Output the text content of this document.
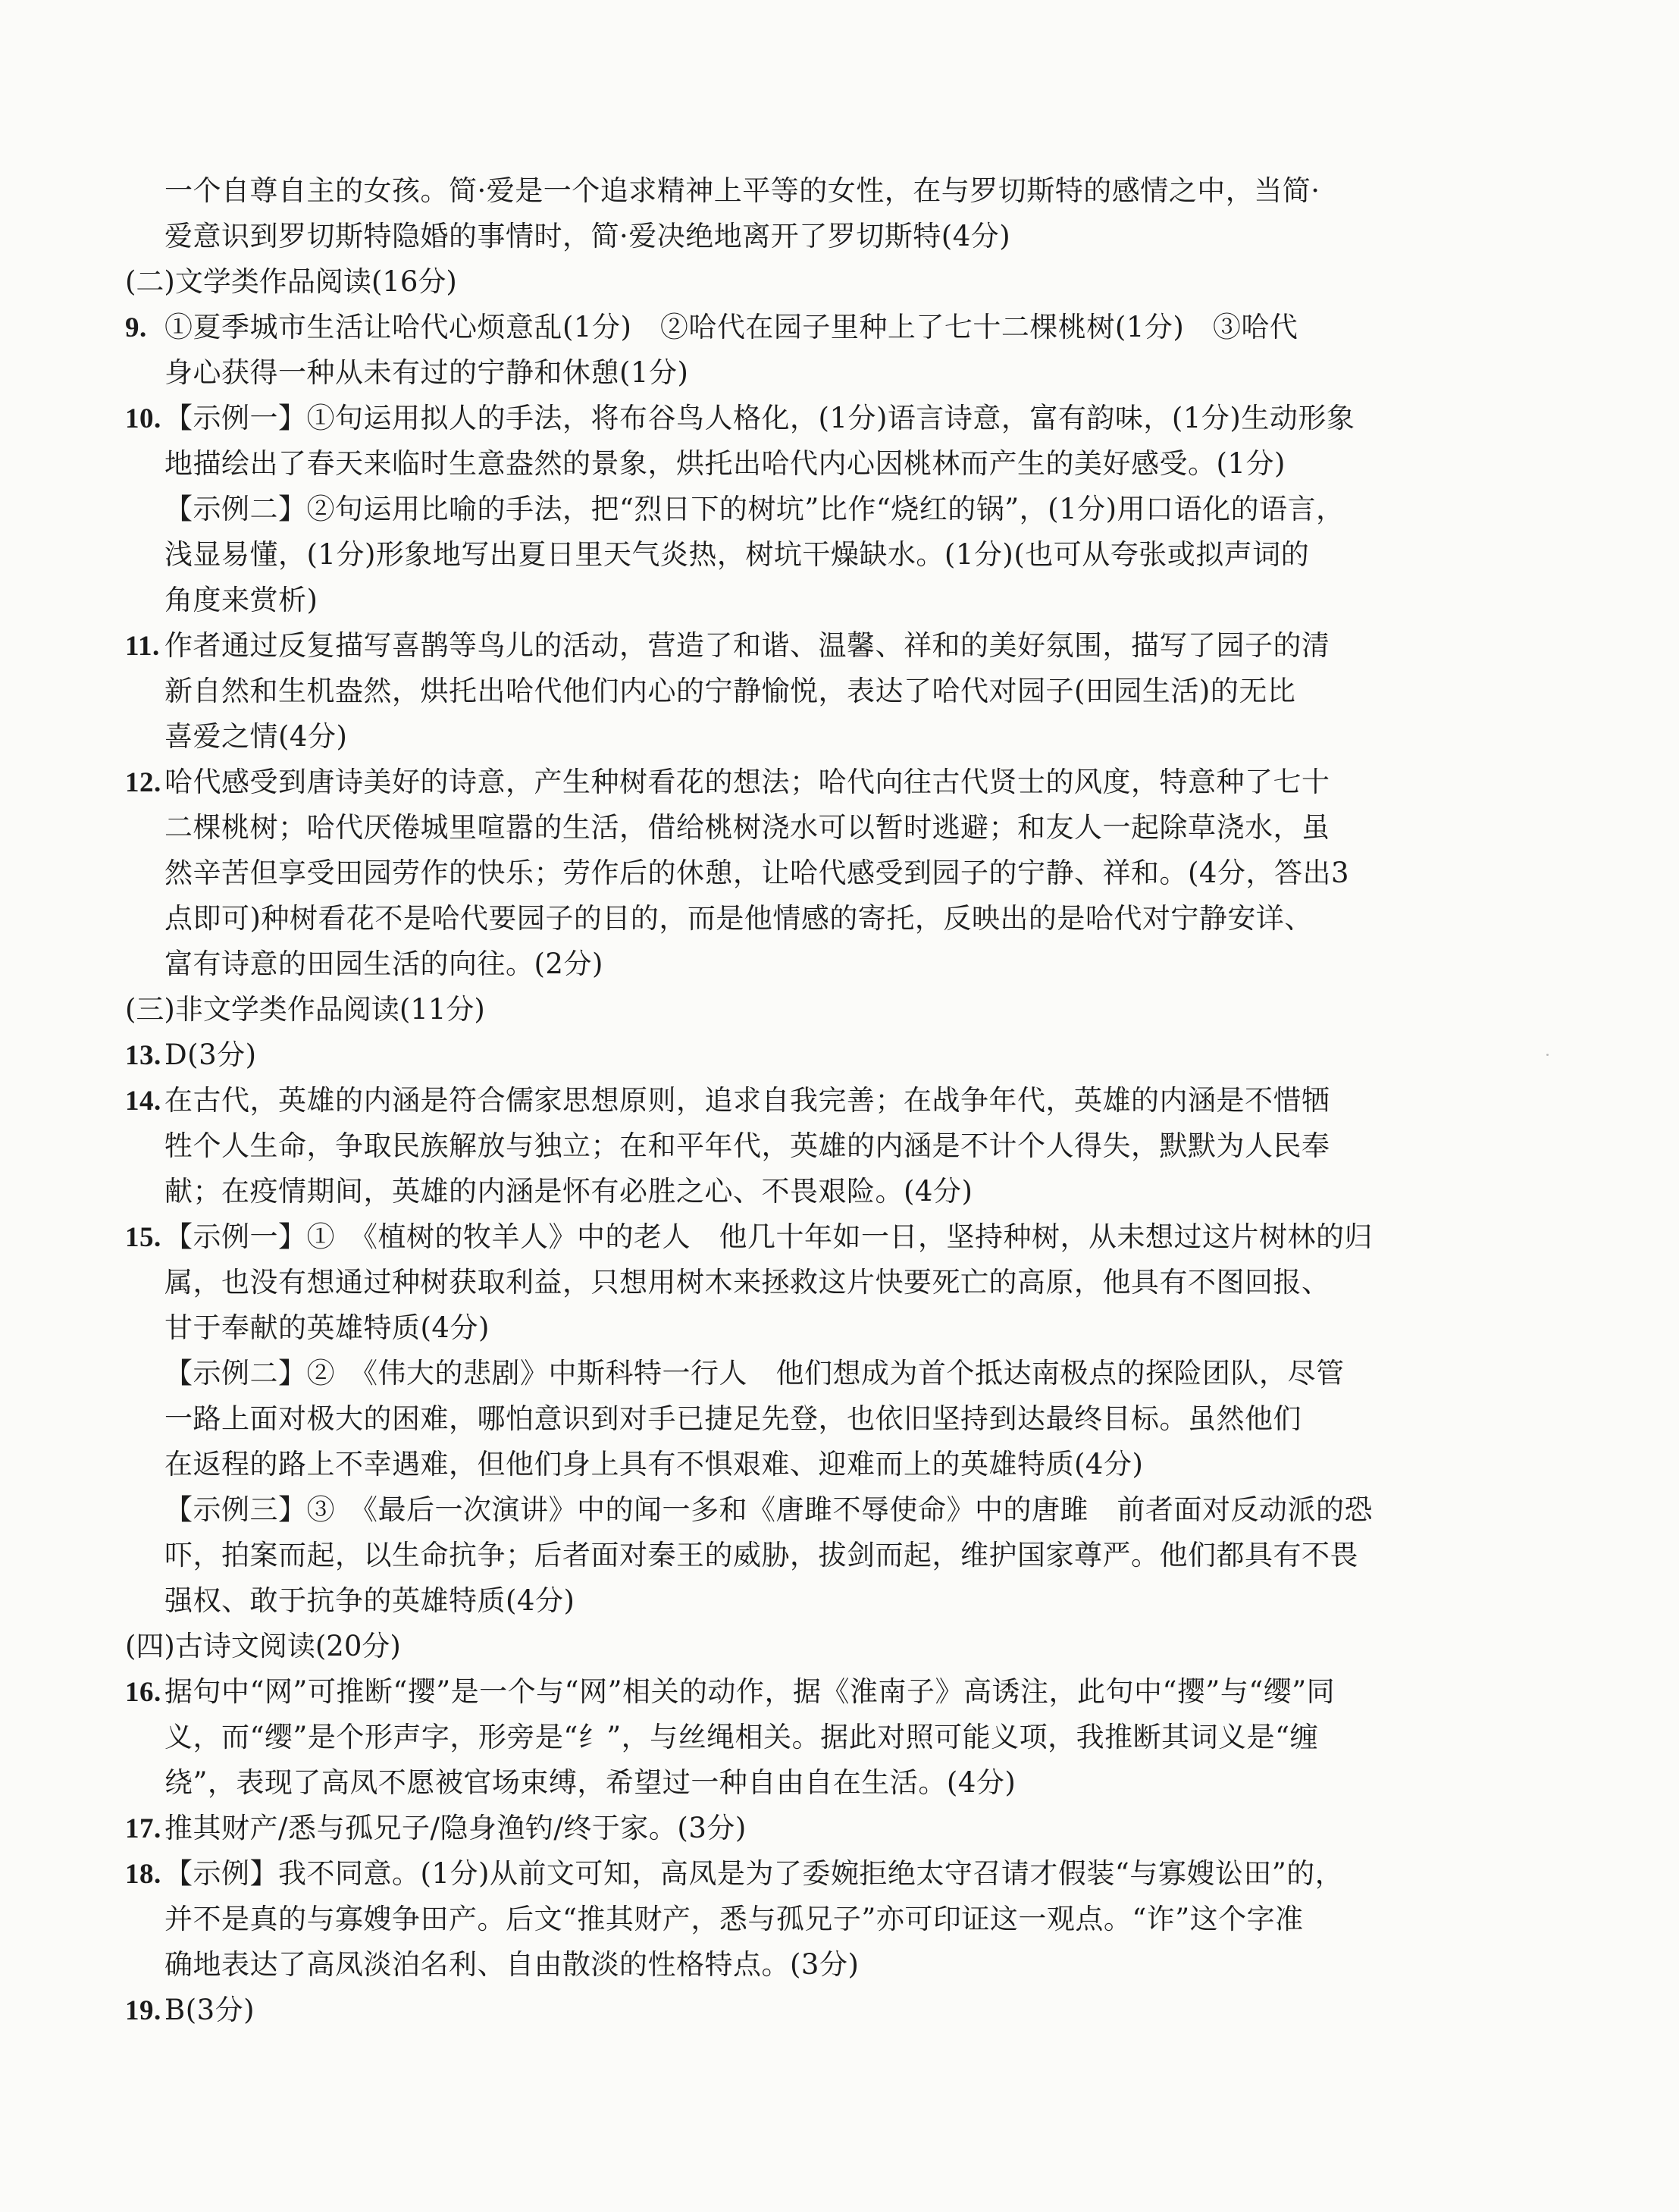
一个自尊自主的女孩。简·爱是一个追求精神上平等的女性，在与罗切斯特的感情之中，当简·
爱意识到罗切斯特隐婚的事情时，简·爱决绝地离开了罗切斯特(4分)
(二)文学类作品阅读(16分)
9. ①夏季城市生活让哈代心烦意乱(1分)　②哈代在园子里种上了七十二棵桃树(1分)　③哈代
身心获得一种从未有过的宁静和休憩(1分)
10. 【示例一】①句运用拟人的手法，将布谷鸟人格化，(1分)语言诗意，富有韵味，(1分)生动形象
地描绘出了春天来临时生意盎然的景象，烘托出哈代内心因桃林而产生的美好感受。(1分)
【示例二】②句运用比喻的手法，把“烈日下的树坑”比作“烧红的锅”，(1分)用口语化的语言，
浅显易懂，(1分)形象地写出夏日里天气炎热，树坑干燥缺水。(1分)(也可从夸张或拟声词的
角度来赏析)
11. 作者通过反复描写喜鹊等鸟儿的活动，营造了和谐、温馨、祥和的美好氛围，描写了园子的清
新自然和生机盎然，烘托出哈代他们内心的宁静愉悦，表达了哈代对园子(田园生活)的无比
喜爱之情(4分)
12. 哈代感受到唐诗美好的诗意，产生种树看花的想法；哈代向往古代贤士的风度，特意种了七十
二棵桃树；哈代厌倦城里喧嚣的生活，借给桃树浇水可以暂时逃避；和友人一起除草浇水，虽
然辛苦但享受田园劳作的快乐；劳作后的休憩，让哈代感受到园子的宁静、祥和。(4分，答出3
点即可)种树看花不是哈代要园子的目的，而是他情感的寄托，反映出的是哈代对宁静安详、
富有诗意的田园生活的向往。(2分)
(三)非文学类作品阅读(11分)
13. D(3分)
14. 在古代，英雄的内涵是符合儒家思想原则，追求自我完善；在战争年代，英雄的内涵是不惜牺
牲个人生命，争取民族解放与独立；在和平年代，英雄的内涵是不计个人得失，默默为人民奉
献；在疫情期间，英雄的内涵是怀有必胜之心、不畏艰险。(4分)
15. 【示例一】①　《植树的牧羊人》中的老人　他几十年如一日，坚持种树，从未想过这片树林的归
属，也没有想通过种树获取利益，只想用树木来拯救这片快要死亡的高原，他具有不图回报、
甘于奉献的英雄特质(4分)
【示例二】②　《伟大的悲剧》中斯科特一行人　他们想成为首个抵达南极点的探险团队，尽管
一路上面对极大的困难，哪怕意识到对手已捷足先登，也依旧坚持到达最终目标。虽然他们
在返程的路上不幸遇难，但他们身上具有不惧艰难、迎难而上的英雄特质(4分)
【示例三】③　《最后一次演讲》中的闻一多和《唐雎不辱使命》中的唐雎　前者面对反动派的恐
吓，拍案而起，以生命抗争；后者面对秦王的威胁，拔剑而起，维护国家尊严。他们都具有不畏
强权、敢于抗争的英雄特质(4分)
(四)古诗文阅读(20分)
16. 据句中“网”可推断“撄”是一个与“网”相关的动作，据《淮南子》高诱注，此句中“撄”与“缨”同
义，而“缨”是个形声字，形旁是“纟”，与丝绳相关。据此对照可能义项，我推断其词义是“缠
绕”，表现了高凤不愿被官场束缚，希望过一种自由自在生活。(4分)
17. 推其财产/悉与孤兄子/隐身渔钓/终于家。(3分)
18. 【示例】我不同意。(1分)从前文可知，高凤是为了委婉拒绝太守召请才假装“与寡嫂讼田”的，
并不是真的与寡嫂争田产。后文“推其财产，悉与孤兄子”亦可印证这一观点。“诈”这个字准
确地表达了高凤淡泊名利、自由散淡的性格特点。(3分)
19. B(3分)
